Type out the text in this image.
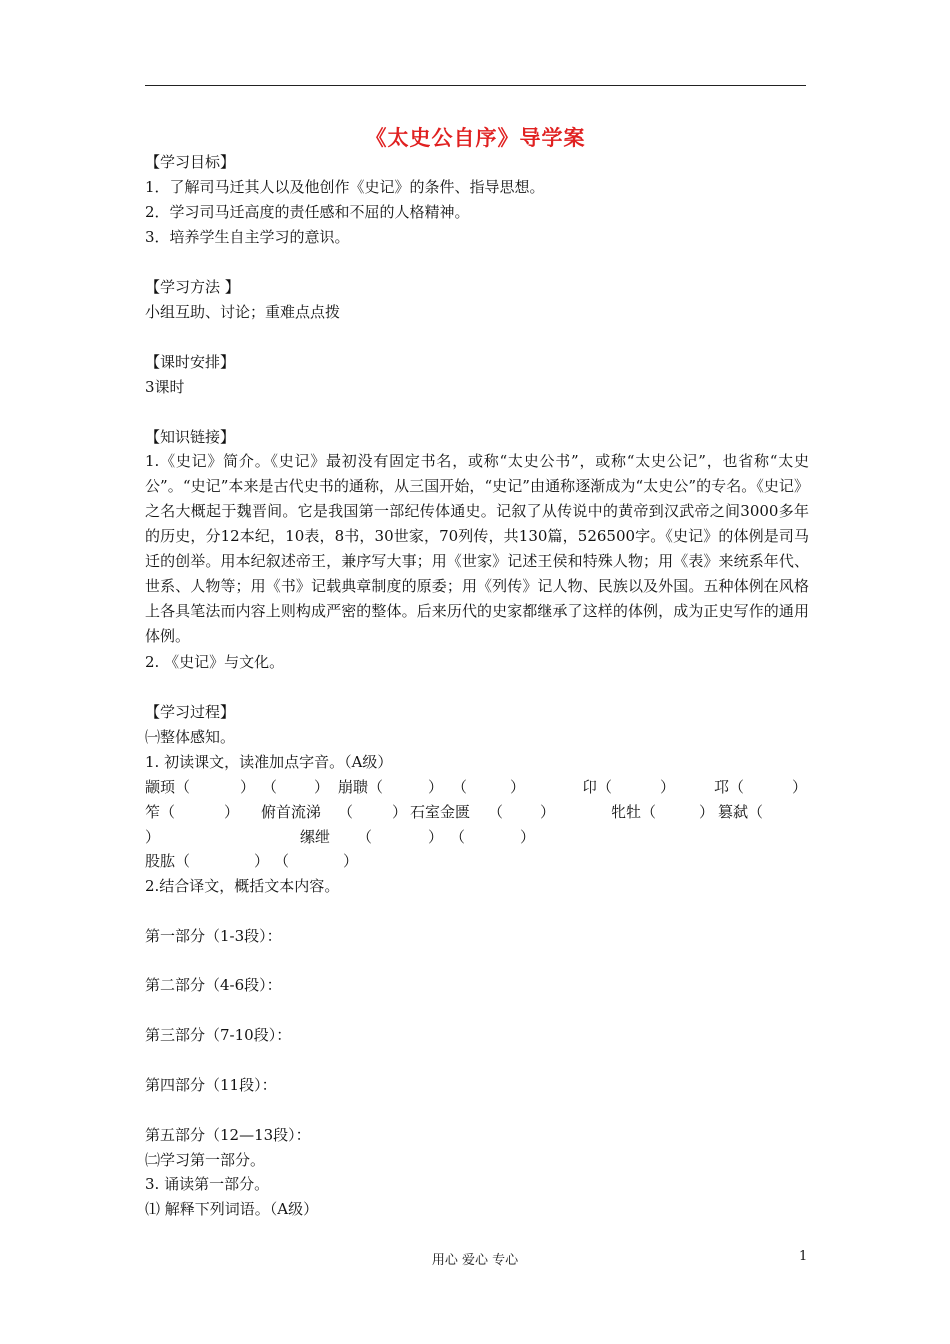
《太史公自序》导学案
【学习目标】
1．了解司马迁其人以及他创作《史记》的条件、指导思想。
2．学习司马迁高度的责任感和不屈的人格精神。
3．培养学生自主学习的意识。
【学习方法 】
小组互助、讨论；重难点点拨
【课时安排】
3课时
【知识链接】
1.《史记》简介。《史记》最初没有固定书名，或称“太史公书”，或称“太史公记”，也省称“太史公”。“史记”本来是古代史书的通称，从三国开始，“史记”由通称逐渐成为“太史公”的专名。《史记》之名大概起于魏晋间。它是我国第一部纪传体通史。记叙了从传说中的黄帝到汉武帝之间3000多年的历史，分12本纪，10表，8书，30世家，70列传，共130篇，526500字。《史记》的体例是司马迁的创举。用本纪叙述帝王，兼序写大事；用《世家》记述王侯和特殊人物；用《表》来统系年代、世系、人物等；用《书》记载典章制度的原委；用《列传》记人物、民族以及外国。五种体例在风格上各具笔法而内容上则构成严密的整体。后来历代的史家都继承了这样的体例，成为正史写作的通用体例。
2. 《史记》与文化。
【学习过程】
㈠整体感知。
1. 初读课文，读准加点字音。（A级）
颛顼（	） （ ） 崩聩（	） （	）	卬（	）	邛（	）
笮（	） 俯首流涕 （	） 石室金匮 （ ）	牝牡（	） 篡弑（
）	缧绁 （	） （	）
股肱（	） （	）
2.结合译文，概括文本内容。
第一部分（1-3段）：
第二部分（4-6段）：
第三部分（7-10段）：
第四部分（11段）：
第五部分（12—13段）：
㈡学习第一部分。
3. 诵读第一部分。
⑴ 解释下列词语。（A级）
用心 爱心 专心	1
